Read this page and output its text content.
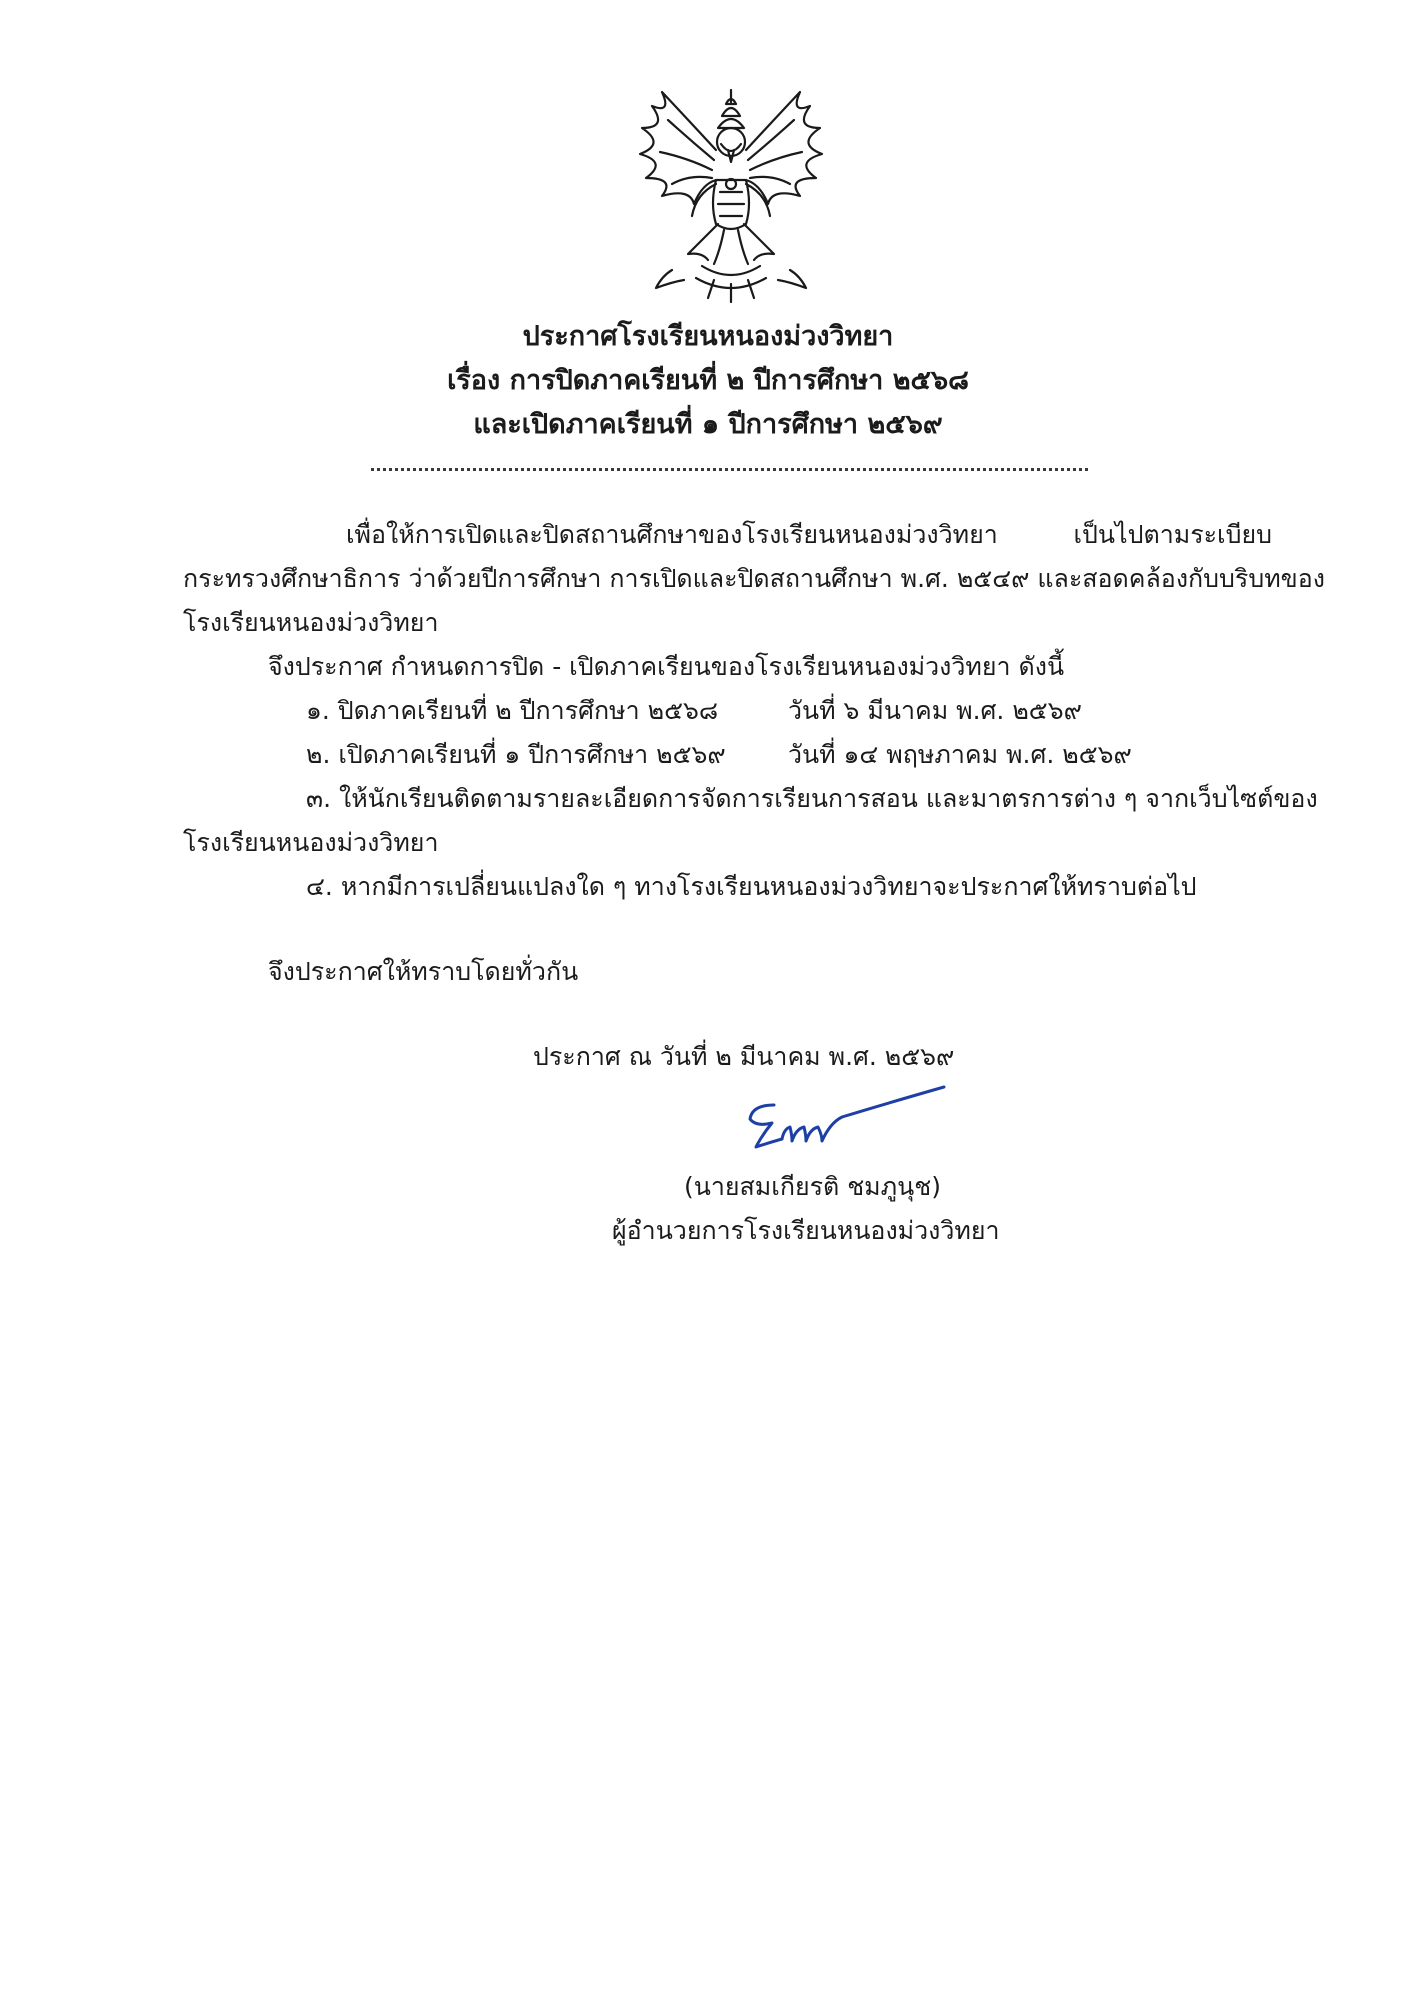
ประกาศโรงเรียนหนองม่วงวิทยา
เรื่อง การปิดภาคเรียนที่ ๒ ปีการศึกษา ๒๕๖๘
และเปิดภาคเรียนที่ ๑ ปีการศึกษา ๒๕๖๙
เพื่อให้การเปิดและปิดสถานศึกษาของโรงเรียนหนองม่วงวิทยา เป็นไปตามระเบียบ
กระทรวงศึกษาธิการ ว่าด้วยปีการศึกษา การเปิดและปิดสถานศึกษา พ.ศ. ๒๕๔๙ และสอดคล้องกับบริบทของ
โรงเรียนหนองม่วงวิทยา
จึงประกาศ กำหนดการปิด - เปิดภาคเรียนของโรงเรียนหนองม่วงวิทยา ดังนี้
๑. ปิดภาคเรียนที่ ๒ ปีการศึกษา ๒๕๖๘	วันที่ ๖ มีนาคม พ.ศ. ๒๕๖๙
๒. เปิดภาคเรียนที่ ๑ ปีการศึกษา ๒๕๖๙ วันที่ ๑๔ พฤษภาคม พ.ศ. ๒๕๖๙
๓. ให้นักเรียนติดตามรายละเอียดการจัดการเรียนการสอน และมาตรการต่าง ๆ จากเว็บไซต์ของ
โรงเรียนหนองม่วงวิทยา
๔. หากมีการเปลี่ยนแปลงใด ๆ ทางโรงเรียนหนองม่วงวิทยาจะประกาศให้ทราบต่อไป
จึงประกาศให้ทราบโดยทั่วกัน
ประกาศ ณ วันที่ ๒ มีนาคม พ.ศ. ๒๕๖๙
(นายสมเกียรติ ชมภูนุช)
ผู้อำนวยการโรงเรียนหนองม่วงวิทยา
